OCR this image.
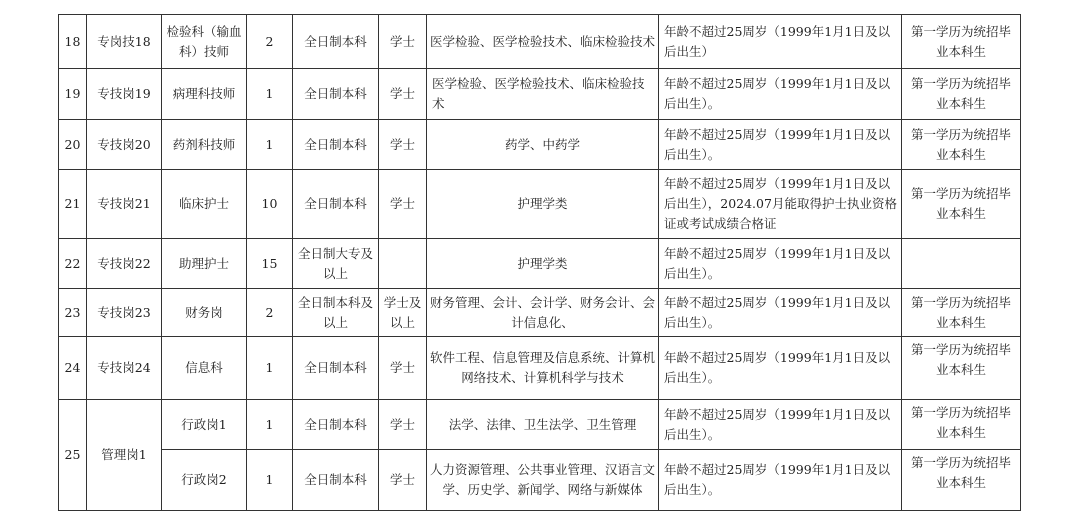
18	专岗技18	检验科（输血科）技师	2	全日制本科	学士	医学检验、医学检验技术、临床检验技术	年龄不超过25周岁（1999年1月1日及以后出生）	第一学历为统招毕业本科生
19	专技岗19	病理科技师	1	全日制本科	学士	医学检验、医学检验技术、临床检验技术	年龄不超过25周岁（1999年1月1日及以后出生）。	第一学历为统招毕业本科生
20	专技岗20	药剂科技师	1	全日制本科	学士	药学、中药学	年龄不超过25周岁（1999年1月1日及以后出生）。	第一学历为统招毕业本科生
21	专技岗21	临床护士	10	全日制本科	学士	护理学类	年龄不超过25周岁（1999年1月1日及以后出生），2024.07月能取得护士执业资格证或考试成绩合格证	第一学历为统招毕业本科生
22	专技岗22	助理护士	15	全日制大专及以上		护理学类	年龄不超过25周岁（1999年1月1日及以后出生）。	
23	专技岗23	财务岗	2	全日制本科及以上	学士及以上	财务管理、会计、会计学、财务会计、会计信息化、	年龄不超过25周岁（1999年1月1日及以后出生）。	第一学历为统招毕业本科生
24	专技岗24	信息科	1	全日制本科	学士	软件工程、信息管理及信息系统、计算机网络技术、计算机科学与技术	年龄不超过25周岁（1999年1月1日及以后出生）。	第一学历为统招毕业本科生
25	管理岗1	行政岗1	1	全日制本科	学士	法学、法律、卫生法学、卫生管理	年龄不超过25周岁（1999年1月1日及以后出生）。	第一学历为统招毕业本科生
		行政岗2	1	全日制本科	学士	人力资源管理、公共事业管理、汉语言文学、历史学、新闻学、网络与新媒体	年龄不超过25周岁（1999年1月1日及以后出生）。	第一学历为统招毕业本科生
